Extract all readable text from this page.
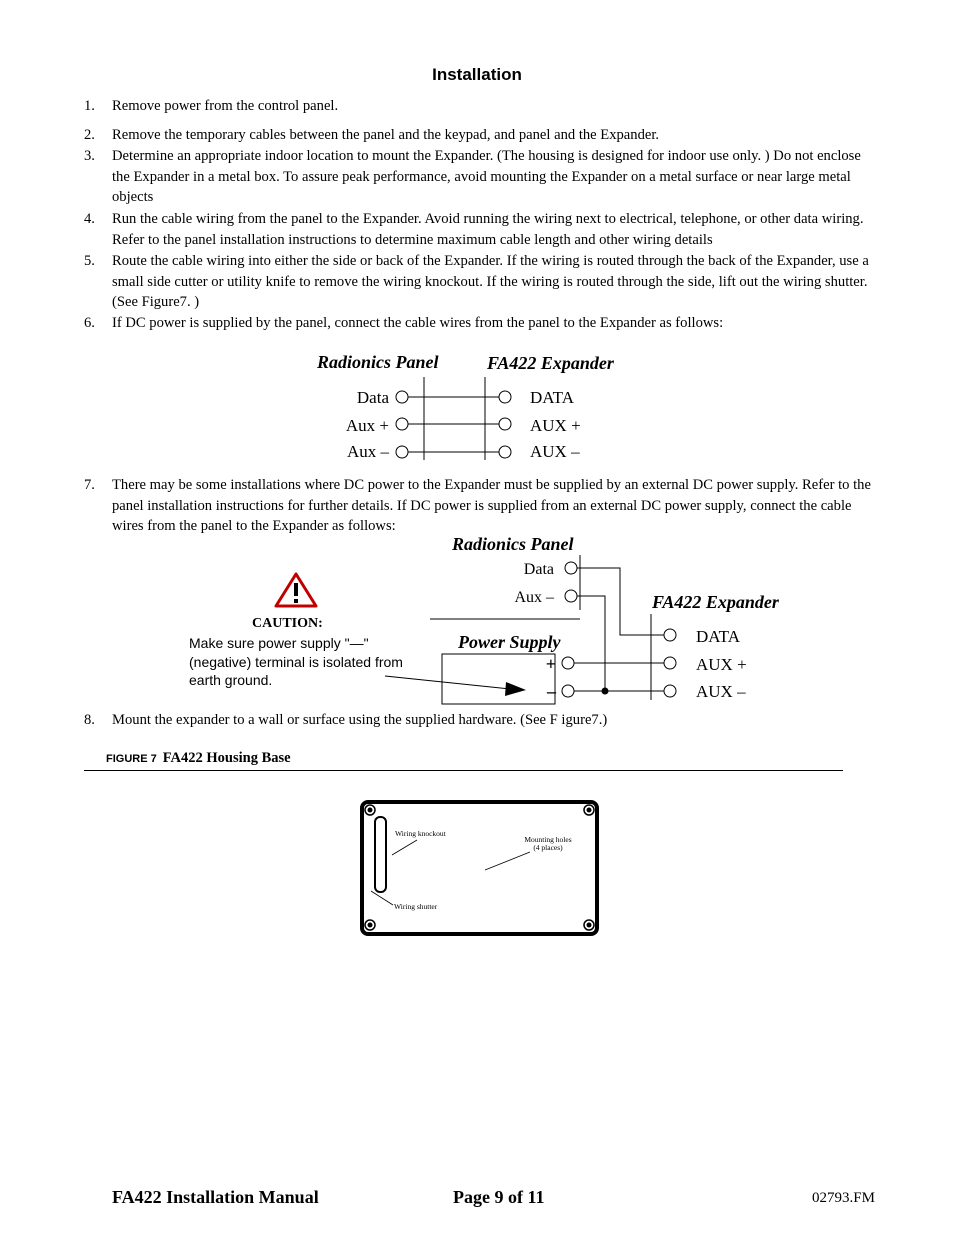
Installation
1. Remove power from the control panel.
2. Remove the temporary cables between the panel and the keypad, and panel and the Expander.
3. Determine an appropriate indoor location to mount the Expander. (The housing is designed for indoor use only. ) Do not enclose the Expander in a metal box. To assure peak performance, avoid mounting the Expander on a metal surface or near large metal objects
4. Run the cable wiring from the panel to the Expander. Avoid running the wiring next to electrical, telephone, or other data wiring. Refer to the panel installation instructions to determine maximum cable length and other wiring details
5. Route the cable wiring into either the side or back of the Expander. If the wiring is routed through the back of the Expander, use a small side cutter or utility knife to remove the wiring knockout. If the wiring is routed through the side, lift out the wiring shutter. (See Figure7. )
6. If DC power is supplied by the panel, connect the cable wires from the panel to the Expander as follows:
Radionics Panel	FA422 Expander
Data
Aux +
Aux –
DATA
AUX +
AUX –
7. There may be some installations where DC power to the Expander must be supplied by an external DC power supply. Refer to the panel installation instructions for further details. If DC power is supplied from an external DC power supply, connect the cable wires from the panel to the Expander as follows:
Radionics Panel
FA422 Expander
Power Supply
Data
Aux –
DATA
AUX +
AUX –
+
–
CAUTION:
Make sure power supply "—" (negative) terminal is isolated from earth ground.
8. Mount the expander to a wall or surface using the supplied hardware. (See F igure7.)
FIGURE 7 FA422 Housing Base
Wiring knockout
Mounting holes
(4 places)
Wiring shutter
FA422 Installation Manual	Page 9 of 11	02793.FM
